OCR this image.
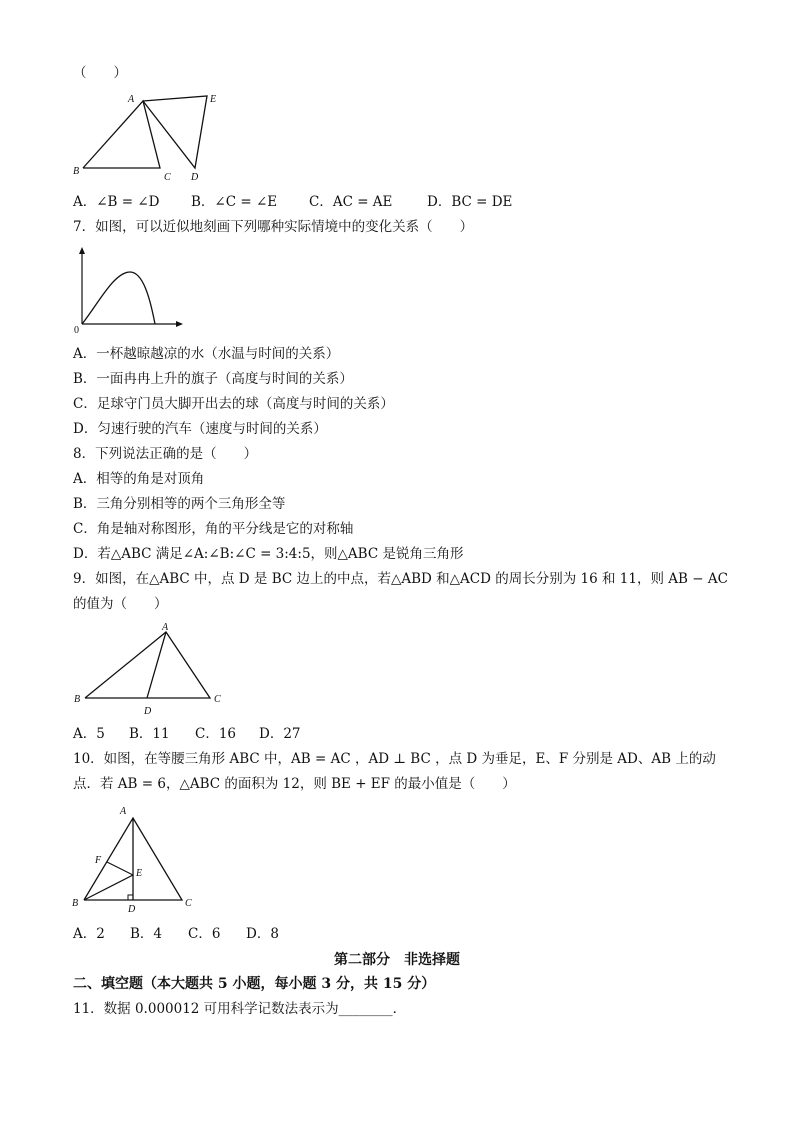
（　　）
A
B
C D
E
A．∠B = ∠D B．∠C = ∠E C．AC = AE	D．BC = DE
7．如图，可以近似地刻画下列哪种实际情境中的变化关系（　　）
0
A．一杯越晾越凉的水（水温与时间的关系）
B．一面冉冉上升的旗子（高度与时间的关系）
C．足球守门员大脚开出去的球（高度与时间的关系）
D．匀速行驶的汽车（速度与时间的关系）
8．下列说法正确的是（　　）
A．相等的角是对顶角
B．三角分别相等的两个三角形全等
C．角是轴对称图形，角的平分线是它的对称轴
D．若△ABC 满足∠A:∠B:∠C = 3:4:5，则△ABC 是锐角三角形
9．如图，在△ABC 中，点 D 是 BC 边上的中点，若△ABD 和△ACD 的周长分别为 16 和 11，则 AB − AC
的值为（　　）
A
B	C
D
A．5 B．11 C．16 D．27
10．如图，在等腰三角形 ABC 中，AB = AC ，AD ⊥ BC ，点 D 为垂足，E、F 分别是 AD、AB 上的动
点．若 AB = 6，△ABC 的面积为 12，则 BE + EF 的最小值是（　　）
A
B	C
D
E
F
A．2 B．4 C．6 D．8
第二部分　非选择题
二、填空题（本大题共 5 小题，每小题 3 分，共 15 分）
11．数据 0.000012 可用科学记数法表示为________．
